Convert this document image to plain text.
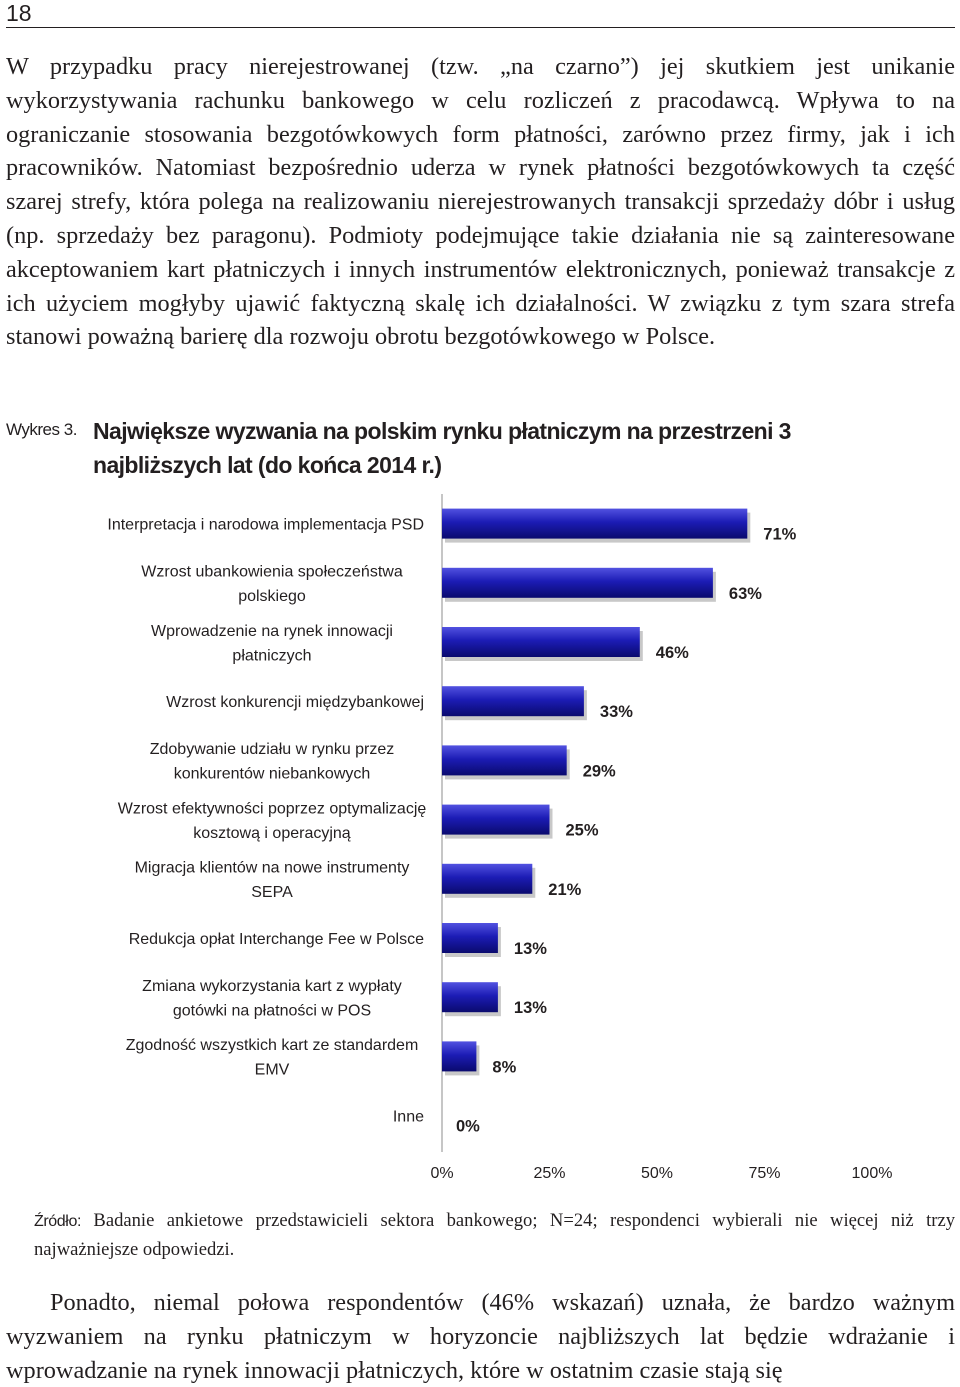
18

W przypadku pracy nierejestrowanej (tzw. „na czarno”) jej skutkiem jest unikanie wykorzystywania rachunku bankowego w celu rozliczeń z pracodawcą. Wpływa to na ograniczanie stosowania bezgotówkowych form płatności, zarówno przez firmy, jak i ich pracowników. Natomiast bezpośrednio uderza w rynek płatności bezgotówkowych ta część szarej strefy, która polega na realizowaniu nierejestrowanych transakcji sprzedaży dóbr i usług (np. sprzedaży bez paragonu). Podmioty podejmujące takie działania nie są zainteresowane akceptowaniem kart płatniczych i innych instrumentów elektronicznych, ponieważ transakcje z ich użyciem mogłyby ujawić faktyczną skalę ich działalności. W związku z tym szara strefa stanowi poważną barierę dla rozwoju obrotu bezgotówkowego w Polsce.

Wykres 3. Największe wyzwania na polskim rynku płatniczym na przestrzeni 3 najbliższych lat (do końca 2014 r.)

71%
Interpretacja i narodowa implementacja PSD
63%
Wzrost ubankowienia społeczeństwa
polskiego
46%
Wprowadzenie na rynek innowacji
płatniczych
33%
Wzrost konkurencji międzybankowej
29%
Zdobywanie udziału w rynku przez
konkurentów niebankowych
25%
Wzrost efektywności poprzez optymalizację
kosztową i operacyjną
21%
Migracja klientów na nowe instrumenty
SEPA
13%
Redukcja opłat Interchange Fee w Polsce
13%
Zmiana wykorzystania kart z wypłaty
gotówki na płatności w POS
8%
Zgodność wszystkich kart ze standardem
EMV
0%
Inne
0%	25%	50%	75%	100%
Źródło: Badanie ankietowe przedstawicieli sektora bankowego; N=24; respondenci wybierali nie więcej niż trzy najważniejsze odpowiedzi.

Ponadto, niemal połowa respondentów (46% wskazań) uznała, że bardzo ważnym wyzwaniem na rynku płatniczym w horyzoncie najbliższych lat będzie wdrażanie i wprowadzanie na rynek innowacji płatniczych, które w ostatnim czasie stają się
